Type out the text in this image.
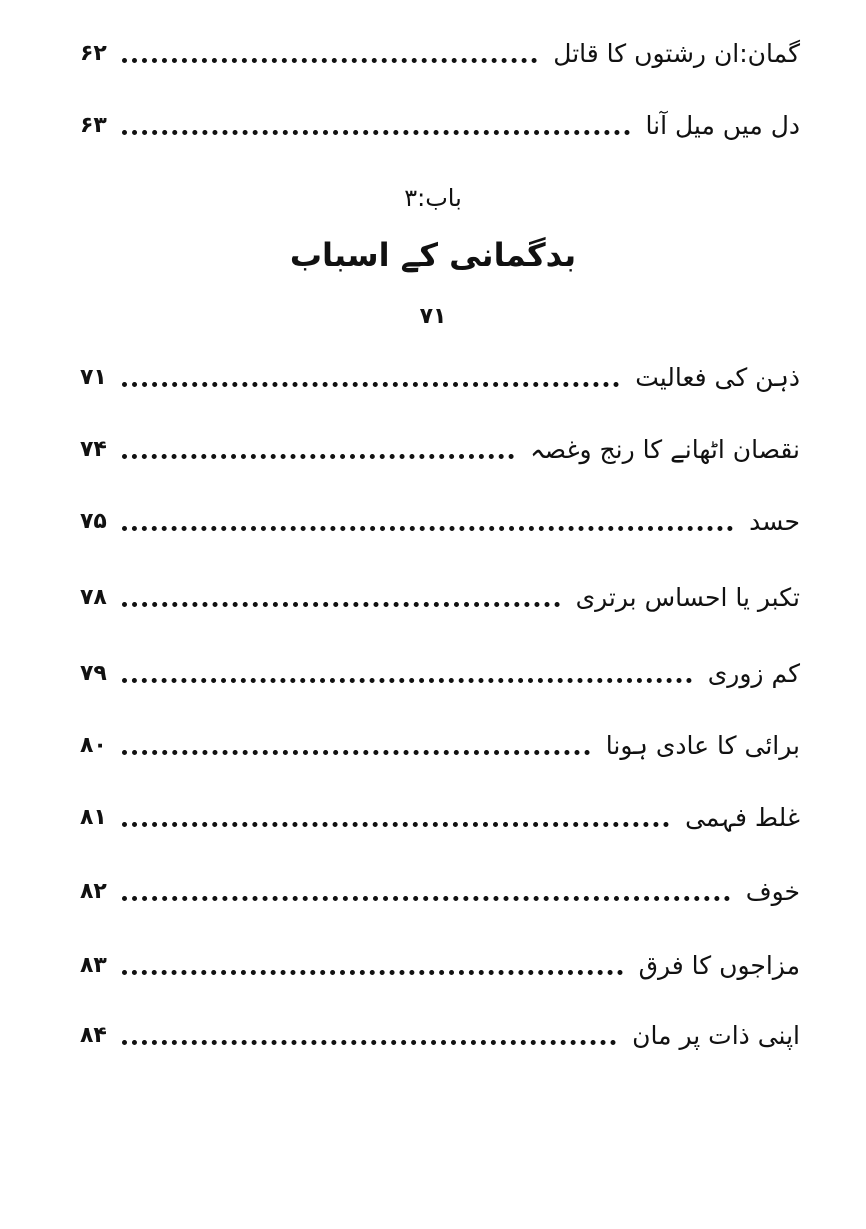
گمان:ان رشتوں کا قاتل
۶۲
دل میں میل آنا
۶۳
باب:۳
بدگمانی کے اسباب
۷۱
ذہن کی فعالیت
۷۱
نقصان اٹھانے کا رنج وغصہ
۷۴
حسد
۷۵
تکبر یا احساس برتری
۷۸
کم زوری
۷۹
برائی کا عادی ہونا
۸۰
غلط فہمی
۸۱
خوف
۸۲
مزاجوں کا فرق
۸۳
اپنی ذات پر مان
۸۴
